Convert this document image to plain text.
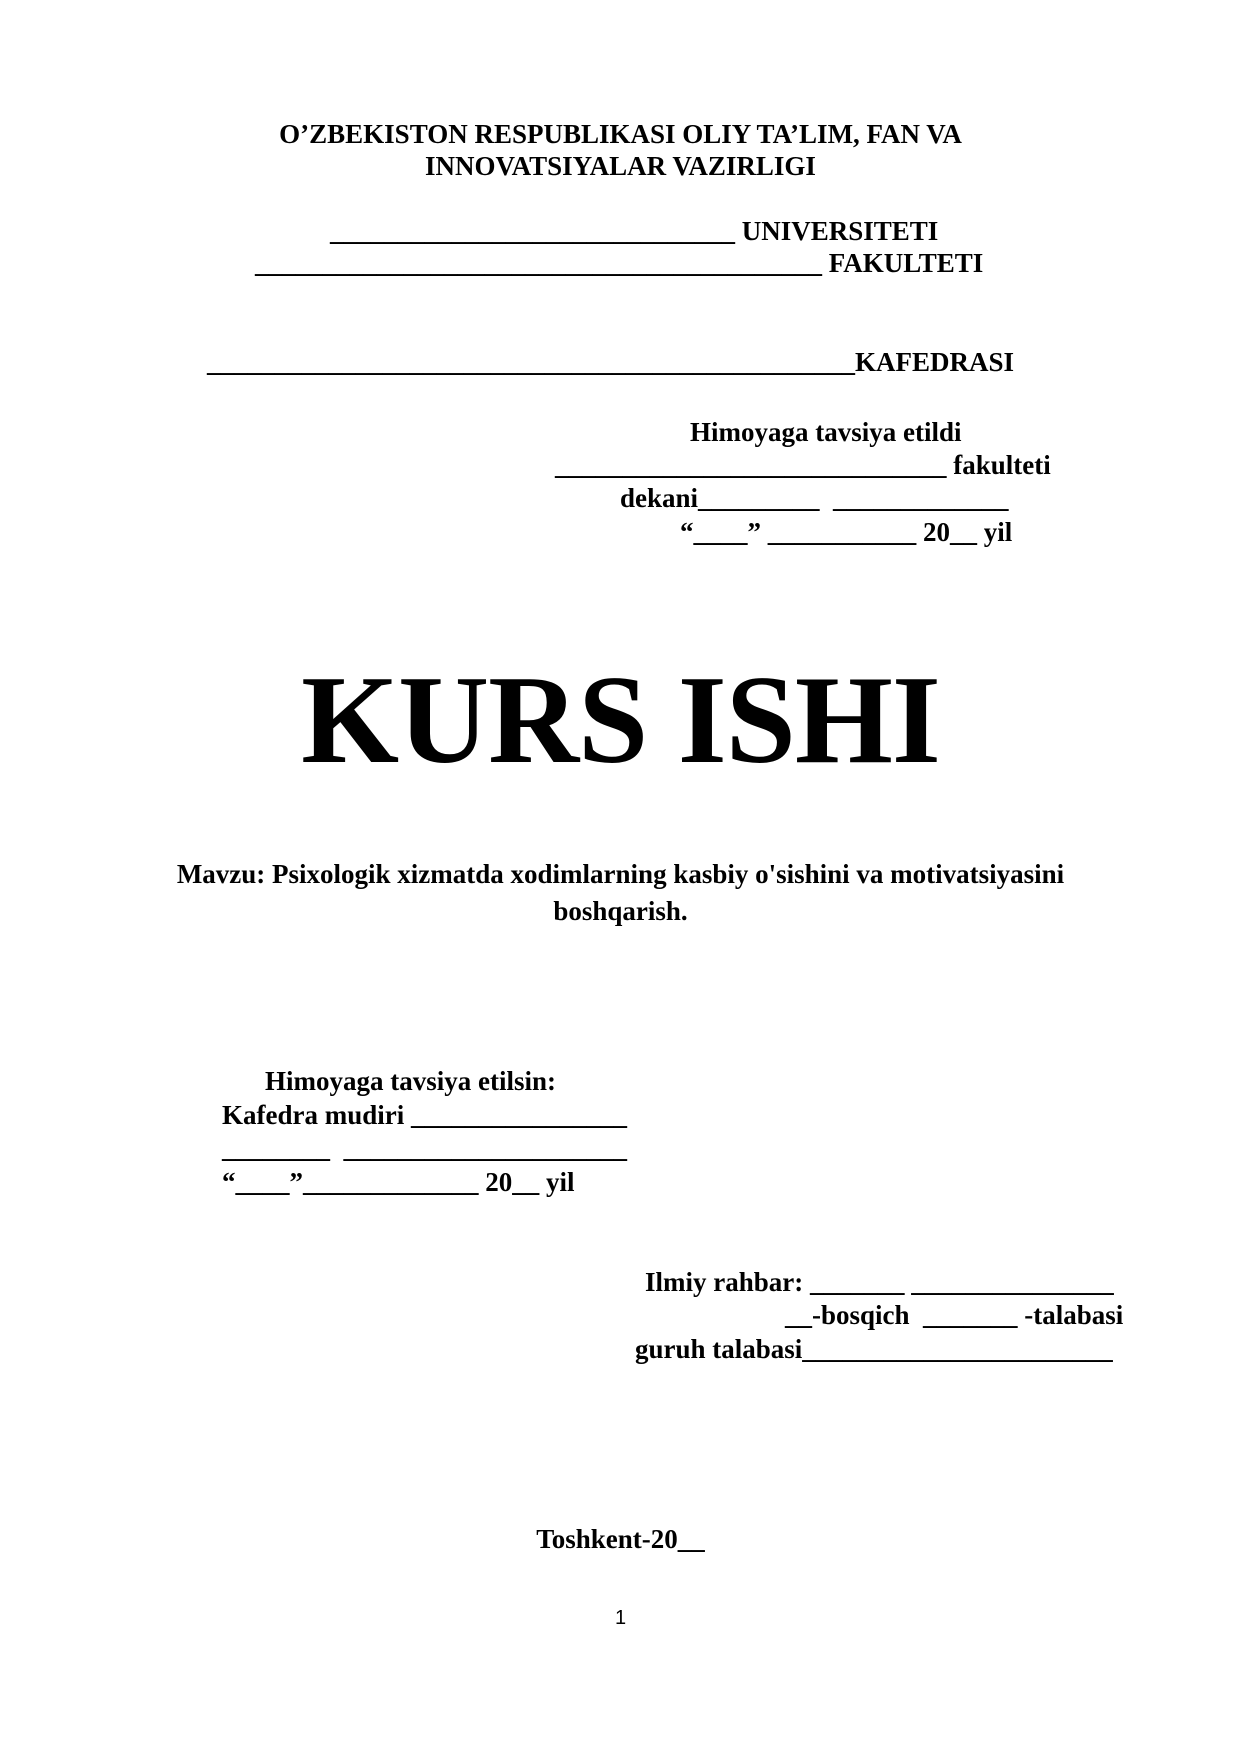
O’ZBEKISTON RESPUBLIKASI OLIY TA’LIM, FAN VA
INNOVATSIYALAR VAZIRLIGI
______________________________ UNIVERSITETI
__________________________________________ FAKULTETI
________________________________________________KAFEDRASI
Himoyaga tavsiya etildi
_____________________________ fakulteti
dekani_________  _____________
“____” ___________ 20__ yil
KURS ISHI
Mavzu: Psixologik xizmatda xodimlarning kasbiy o'sishini va motivatsiyasini
boshqarish.
Himoyaga tavsiya etilsin:
Kafedra mudiri ________________
________  _____________________
“____”_____________ 20__ yil
Ilmiy rahbar: _______ _______________
__-bosqich  _______ -talabasi
guruh talabasi_______________________
Toshkent-20__
1
